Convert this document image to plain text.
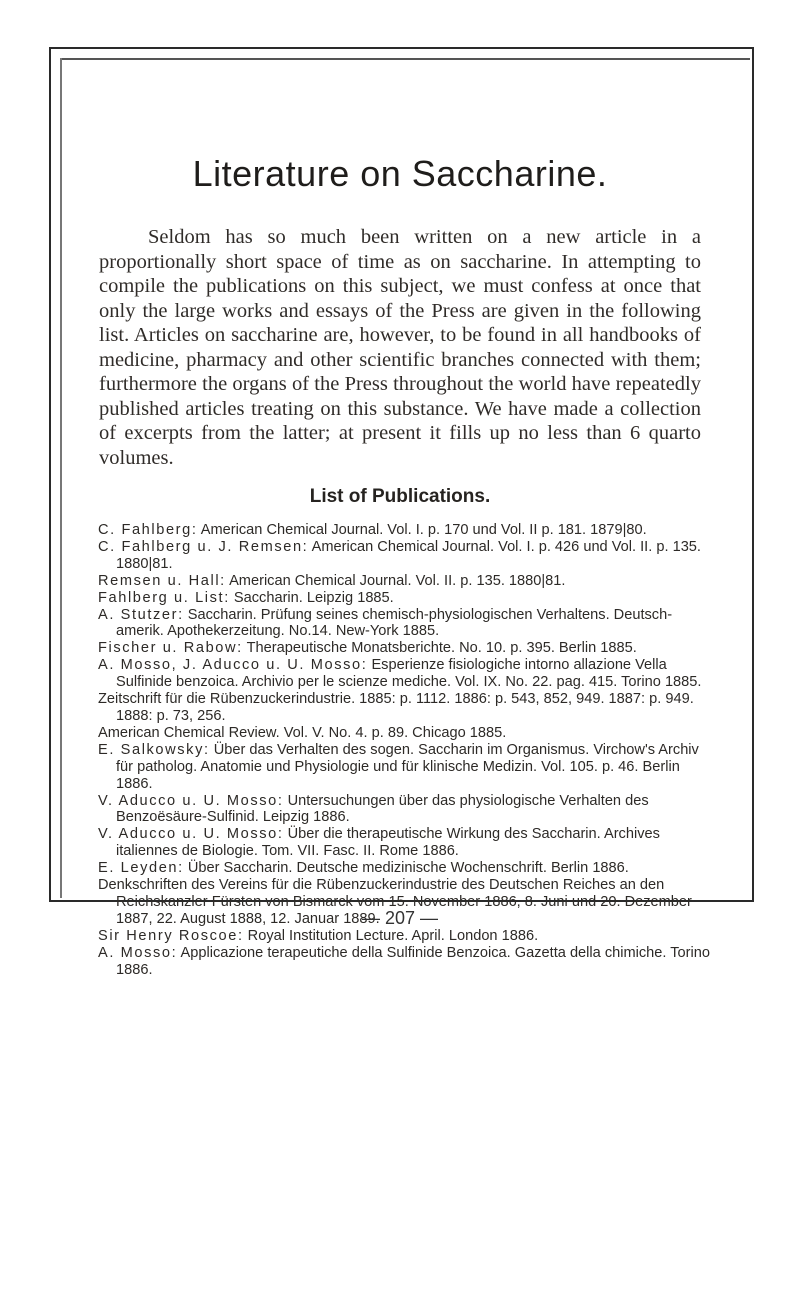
Literature on Saccharine.

Seldom has so much been written on a new article in a proportionally short space of time as on saccharine. In attempting to compile the publications on this subject, we must confess at once that only the large works and essays of the Press are given in the following list. Articles on saccharine are, however, to be found in all handbooks of medicine, pharmacy and other scientific branches connected with them; furthermore the organs of the Press throughout the world have repeatedly published articles treating on this substance. We have made a collection of excerpts from the latter; at present it fills up no less than 6 quarto volumes.

List of Publications.
C. Fahlberg: American Chemical Journal. Vol. I. p. 170 und Vol. II p. 181. 1879|80.
C. Fahlberg u. J. Remsen: American Chemical Journal. Vol. I. p. 426 und Vol. II. p. 135. 1880|81.
Remsen u. Hall: American Chemical Journal. Vol. II. p. 135. 1880|81.
Fahlberg u. List: Saccharin. Leipzig 1885.
A. Stutzer: Saccharin. Prüfung seines chemisch-physiologischen Verhaltens. Deutsch-amerik. Apothekerzeitung. No.14. New-York 1885.
Fischer u. Rabow: Therapeutische Monatsberichte. No. 10. p. 395. Berlin 1885.
A. Mosso, J. Aducco u. U. Mosso: Esperienze fisiologiche intorno allazione Vella Sulfinide benzoica. Archivio per le scienze mediche. Vol. IX. No. 22. pag. 415. Torino 1885.
Zeitschrift für die Rübenzuckerindustrie. 1885: p. 1112. 1886: p. 543, 852, 949. 1887: p. 949. 1888: p. 73, 256.
American Chemical Review. Vol. V. No. 4. p. 89. Chicago 1885.
E. Salkowsky: Über das Verhalten des sogen. Saccharin im Organismus. Virchow's Archiv für patholog. Anatomie und Physiologie und für klinische Medizin. Vol. 105. p. 46. Berlin 1886.
V. Aducco u. U. Mosso: Untersuchungen über das physiologische Verhalten des Benzoësäure-Sulfinid. Leipzig 1886.
V. Aducco u. U. Mosso: Über die therapeutische Wirkung des Saccharin. Archives italiennes de Biologie. Tom. VII. Fasc. II. Rome 1886.
E. Leyden: Über Saccharin. Deutsche medizinische Wochenschrift. Berlin 1886.
Denkschriften des Vereins für die Rübenzuckerindustrie des Deutschen Reiches an den Reichskanzler Fürsten von Bismarck vom 15. November 1886, 8. Juni und 20. Dezember 1887, 22. August 1888, 12. Januar 1889.
Sir Henry Roscoe: Royal Institution Lecture. April. London 1886.
A. Mosso: Applicazione terapeutiche della Sulfinide Benzoica. Gazetta della chimiche. Torino 1886.
— 207 —
